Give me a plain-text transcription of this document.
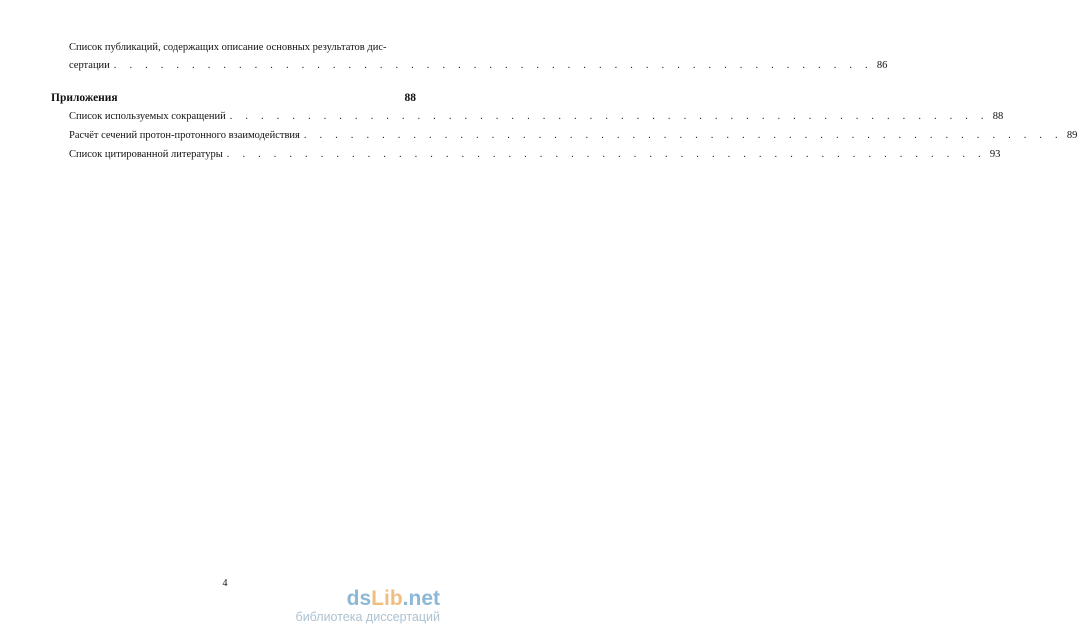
Список публикаций, содержащих описание основных результатов дис-
сертации . . . . . . . . . . . . . . . . . . . . . . . . . . . . . . . . . . . . . . . . . . . . . . . . . 86
Приложения	88
Список используемых сокращений . . . . . . . . . . . . . . . . . . . . . . . . . . . . . . . . . . . . . . . . . . . . . . . . . 88
Расчёт сечений протон-протонного взаимодействия . . . . . . . . . . . . . . . . . . . . . . . . . . . . . . . . . . . . . . . . . . . . . . . . . 89
Список цитированной литературы . . . . . . . . . . . . . . . . . . . . . . . . . . . . . . . . . . . . . . . . . . . . . . . . . 93
4
dsLib.net
библиотека диссертаций
